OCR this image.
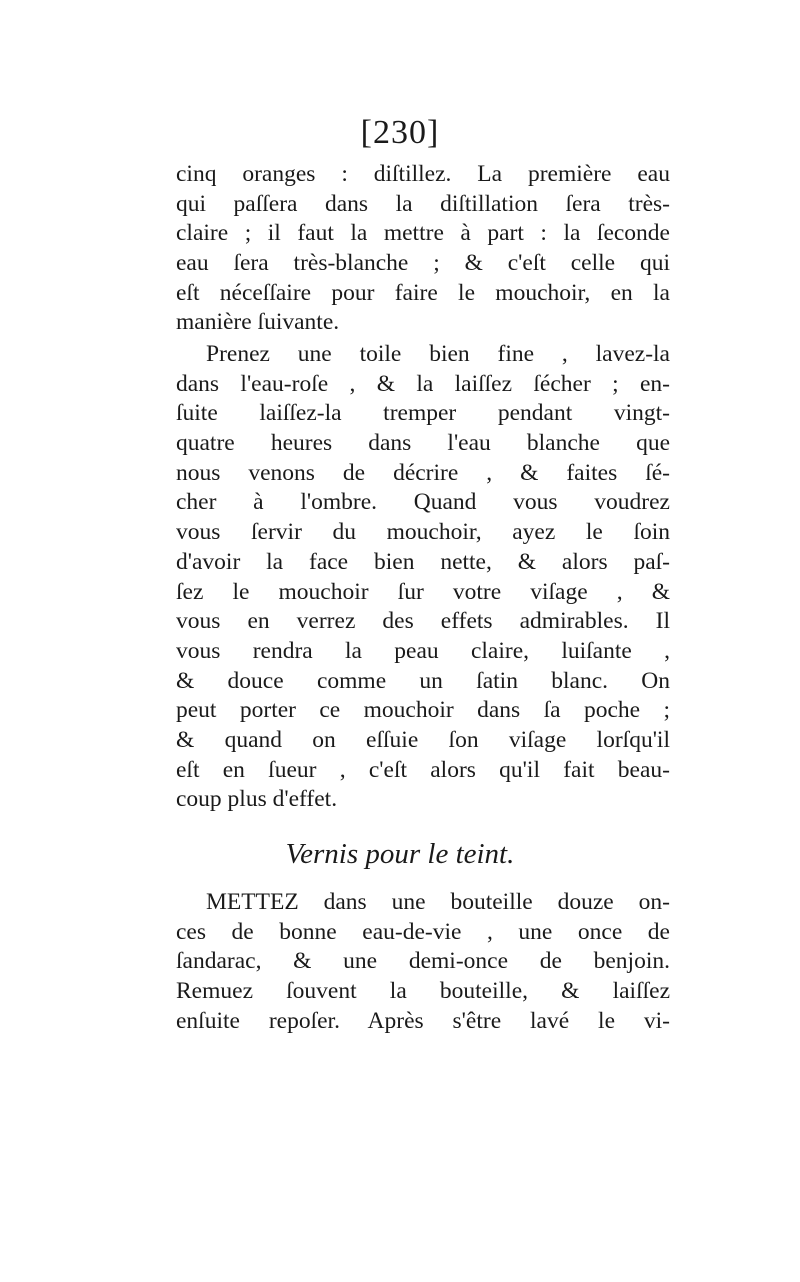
[230]
cinq oranges : diſtillez. La première eau
qui paſſera dans la diſtillation ſera très-
claire ; il faut la mettre à part : la ſeconde
eau ſera très-blanche ; & c'eſt celle qui
eſt néceſſaire pour faire le mouchoir, en la
manière ſuivante.
Prenez une toile bien fine , lavez-la
dans l'eau-roſe , & la laiſſez ſécher ; en-
ſuite laiſſez-la tremper pendant vingt-
quatre heures dans l'eau blanche que
nous venons de décrire , & faites ſé-
cher à l'ombre. Quand vous voudrez
vous ſervir du mouchoir, ayez le ſoin
d'avoir la face bien nette, & alors paſ-
ſez le mouchoir ſur votre viſage , &
vous en verrez des effets admirables. Il
vous rendra la peau claire, luiſante ,
& douce comme un ſatin blanc. On
peut porter ce mouchoir dans ſa poche ;
& quand on eſſuie ſon viſage lorſqu'il
eſt en ſueur , c'eſt alors qu'il fait beau-
coup plus d'effet.
Vernis pour le teint.
METTEZ dans une bouteille douze on-
ces de bonne eau-de-vie , une once de
ſandarac, & une demi-once de benjoin.
Remuez ſouvent la bouteille, & laiſſez
enſuite repoſer. Après s'être lavé le vi-
